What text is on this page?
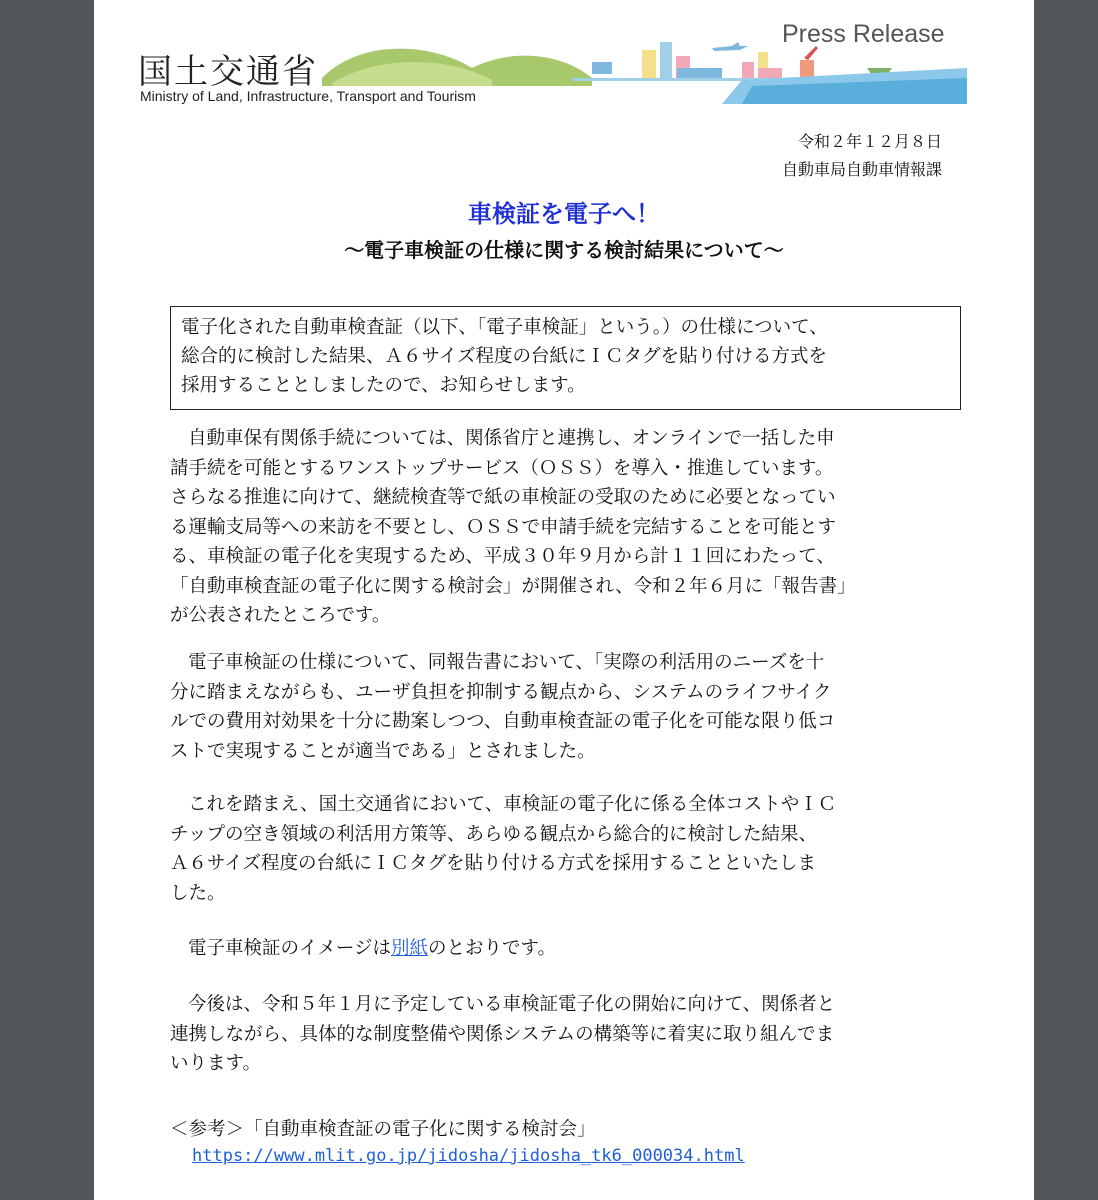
国土交通省
Ministry of Land, Infrastructure, Transport and Tourism
Press Release
令和２年１２月８日
自動車局自動車情報課
車検証を電子へ！
～電子車検証の仕様に関する検討結果について～
電子化された自動車検査証（以下、「電子車検証」という。）の仕様について、
総合的に検討した結果、Ａ６サイズ程度の台紙にＩＣタグを貼り付ける方式を
採用することとしましたので、お知らせします。
自動車保有関係手続については、関係省庁と連携し、オンラインで一括した申
請手続を可能とするワンストップサービス（ＯＳＳ）を導入・推進しています。
さらなる推進に向けて、継続検査等で紙の車検証の受取のために必要となってい
る運輸支局等への来訪を不要とし、ＯＳＳで申請手続を完結することを可能とす
る、車検証の電子化を実現するため、平成３０年９月から計１１回にわたって、
「自動車検査証の電子化に関する検討会」が開催され、令和２年６月に「報告書」
が公表されたところです。
電子車検証の仕様について、同報告書において、「実際の利活用のニーズを十
分に踏まえながらも、ユーザ負担を抑制する観点から、システムのライフサイク
ルでの費用対効果を十分に勘案しつつ、自動車検査証の電子化を可能な限り低コ
ストで実現することが適当である」とされました。
これを踏まえ、国土交通省において、車検証の電子化に係る全体コストやＩＣ
チップの空き領域の利活用方策等、あらゆる観点から総合的に検討した結果、
Ａ６サイズ程度の台紙にＩＣタグを貼り付ける方式を採用することといたしま
した。
電子車検証のイメージは別紙のとおりです。
今後は、令和５年１月に予定している車検証電子化の開始に向けて、関係者と
連携しながら、具体的な制度整備や関係システムの構築等に着実に取り組んでま
いります。
＜参考＞「自動車検査証の電子化に関する検討会」
https://www.mlit.go.jp/jidosha/jidosha_tk6_000034.html
